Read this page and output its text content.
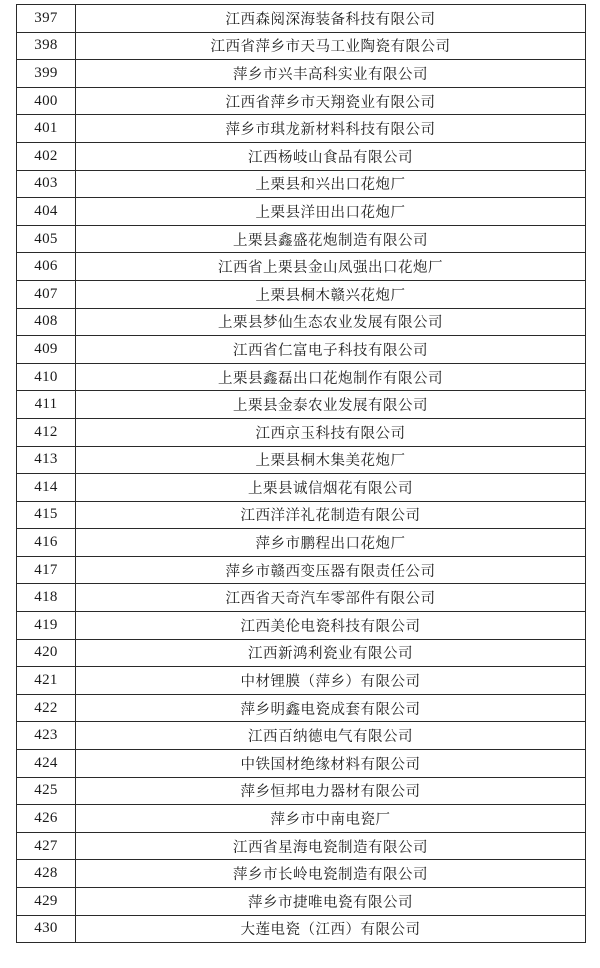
397	江西森阅深海装备科技有限公司
398	江西省萍乡市天马工业陶瓷有限公司
399	萍乡市兴丰高科实业有限公司
400	江西省萍乡市天翔瓷业有限公司
401	萍乡市琪龙新材料科技有限公司
402	江西杨岐山食品有限公司
403	上栗县和兴出口花炮厂
404	上栗县洋田出口花炮厂
405	上栗县鑫盛花炮制造有限公司
406	江西省上栗县金山凤强出口花炮厂
407	上栗县桐木赣兴花炮厂
408	上栗县梦仙生态农业发展有限公司
409	江西省仁富电子科技有限公司
410	上栗县鑫磊出口花炮制作有限公司
411	上栗县金泰农业发展有限公司
412	江西京玉科技有限公司
413	上栗县桐木集美花炮厂
414	上栗县诚信烟花有限公司
415	江西洋洋礼花制造有限公司
416	萍乡市鹏程出口花炮厂
417	萍乡市赣西变压器有限责任公司
418	江西省天奇汽车零部件有限公司
419	江西美伦电瓷科技有限公司
420	江西新鸿利瓷业有限公司
421	中材锂膜（萍乡）有限公司
422	萍乡明鑫电瓷成套有限公司
423	江西百纳德电气有限公司
424	中铁国材绝缘材料有限公司
425	萍乡恒邦电力器材有限公司
426	萍乡市中南电瓷厂
427	江西省星海电瓷制造有限公司
428	萍乡市长岭电瓷制造有限公司
429	萍乡市捷唯电瓷有限公司
430	大莲电瓷（江西）有限公司
